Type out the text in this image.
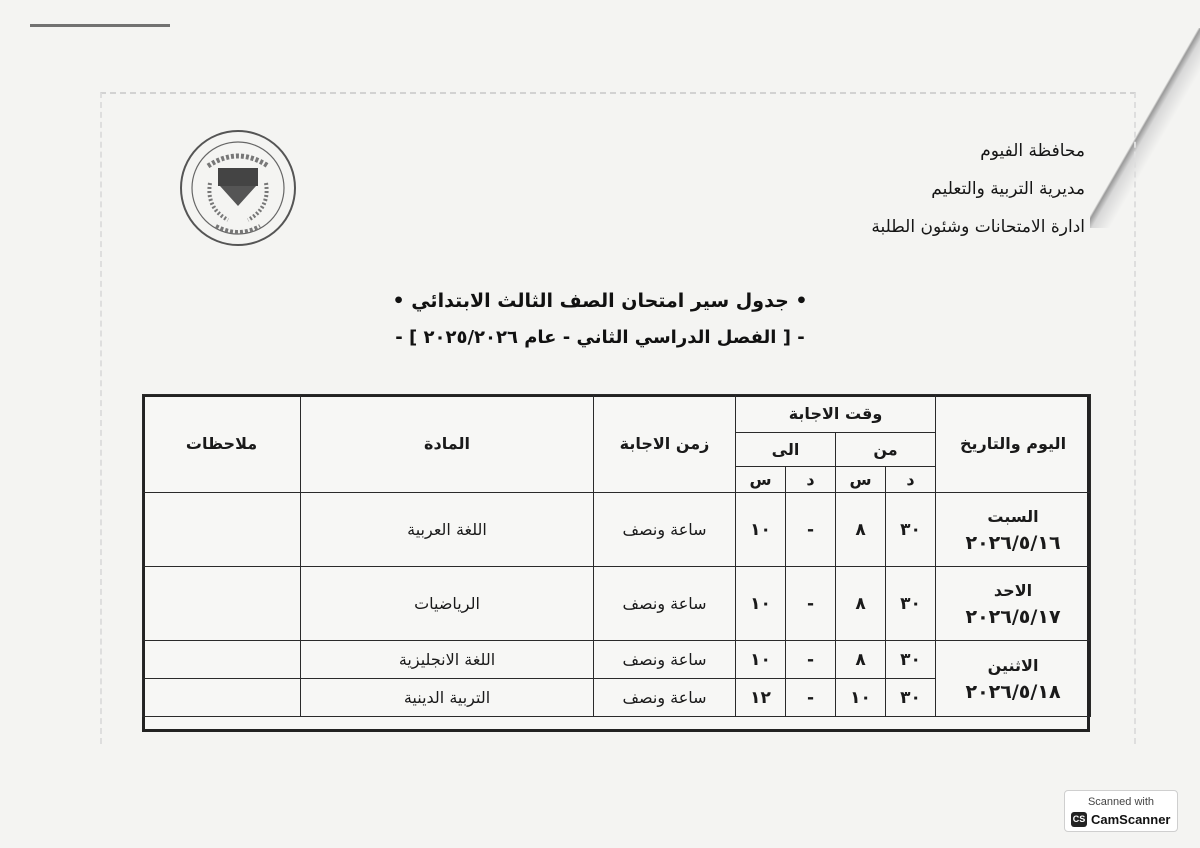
محافظة الفيوم
مديرية التربية والتعليم
ادارة الامتحانات وشئون الطلبة
• جدول سير امتحان الصف الثالث الابتدائي •
- [ الفصل الدراسي الثاني - عام ٢٠٢٥/٢٠٢٦ ] -
اليوم والتاريخ	وقت الاجابة				زمن الاجابة	المادة	ملاحظات
	من		الى				
	د	س	د	س			

السبت
٢٠٢٦/٥/١٦	٣٠	٨	-	١٠	ساعة ونصف	اللغة العربية	

الاحد
٢٠٢٦/٥/١٧	٣٠	٨	-	١٠	ساعة ونصف	الرياضيات	

الاثنين
٢٠٢٦/٥/١٨	٣٠	٨	-	١٠	ساعة ونصف	اللغة الانجليزية	
	٣٠	١٠	-	١٢	ساعة ونصف	التربية الدينية	
Scanned with
CS CamScanner
